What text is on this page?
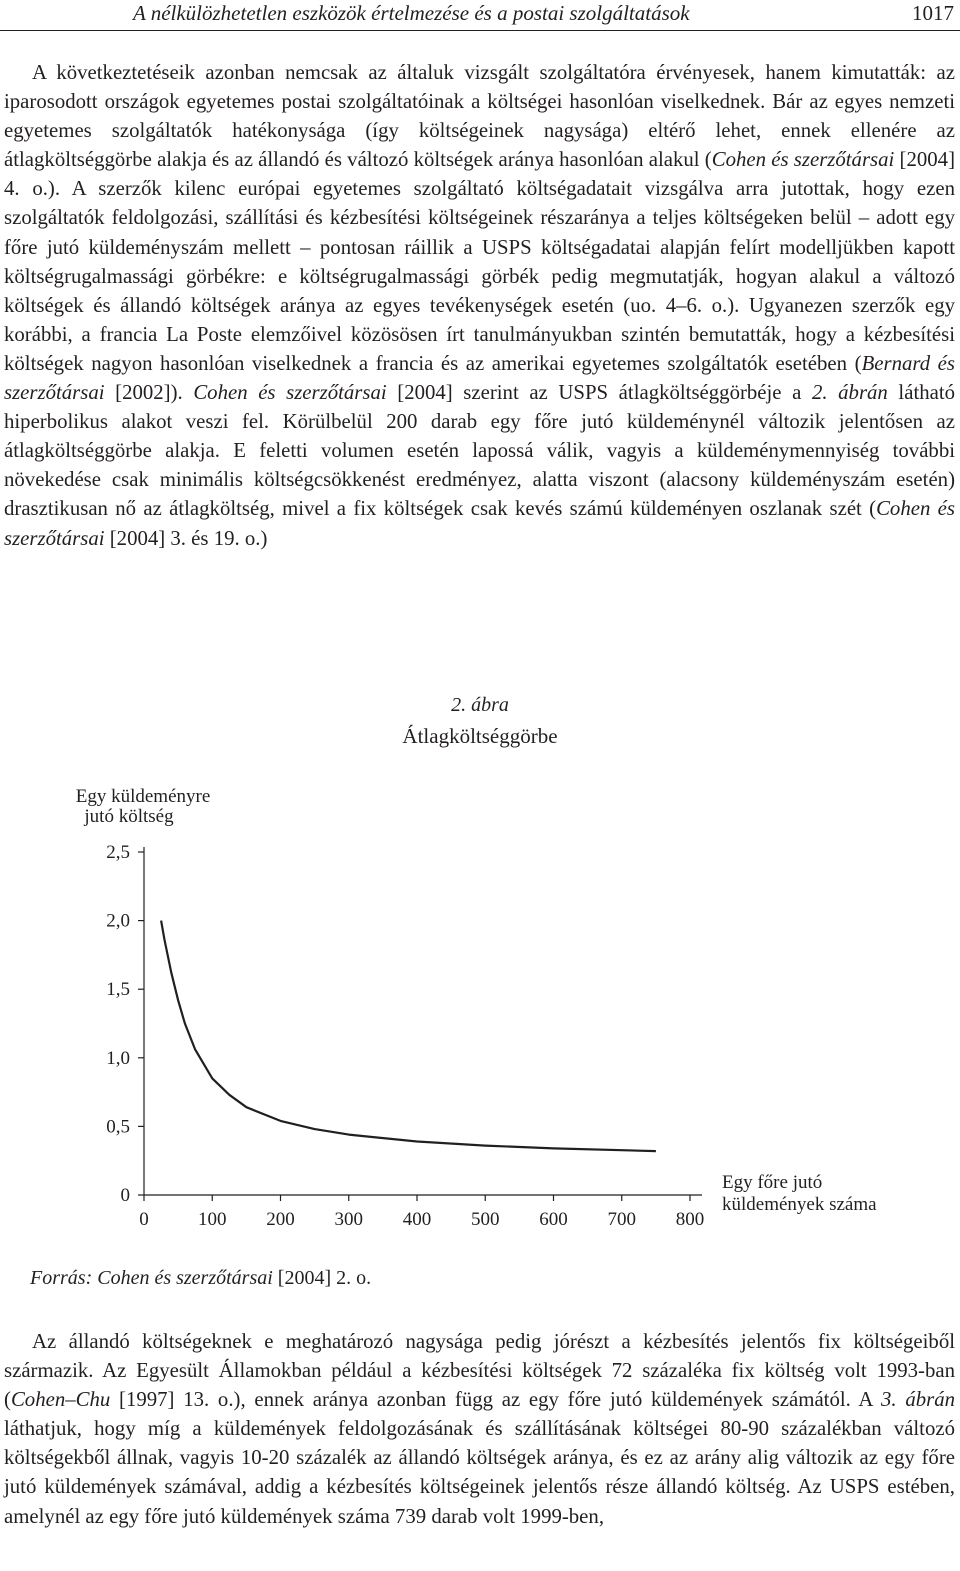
A nélkülözhetetlen eszközök értelmezése és a postai szolgáltatások	1017

A következtetéseik azonban nemcsak az általuk vizsgált szolgáltatóra érvényesek, hanem kimutatták: az iparosodott országok egyetemes postai szolgáltatóinak a költségei hasonlóan viselkednek. Bár az egyes nemzeti egyetemes szolgáltatók hatékonysága (így költségeinek nagysága) eltérő lehet, ennek ellenére az átlagköltséggörbe alakja és az állandó és változó költségek aránya hasonlóan alakul (Cohen és szerzőtársai [2004] 4. o.). A szerzők kilenc európai egyetemes szolgáltató költségadatait vizsgálva arra jutottak, hogy ezen szolgáltatók feldolgozási, szállítási és kézbesítési költségeinek részaránya a teljes költségeken belül – adott egy főre jutó küldeményszám mellett – pontosan ráillik a USPS költségadatai alapján felírt modelljükben kapott költségrugalmassági görbékre: e költségrugalmassági görbék pedig megmutatják, hogyan alakul a változó költségek és állandó költségek aránya az egyes tevékenységek esetén (uo. 4–6. o.). Ugyanezen szerzők egy korábbi, a francia La Poste elemzőivel közösösen írt tanulmányukban szintén bemutatták, hogy a kézbesítési költségek nagyon hasonlóan viselkednek a francia és az amerikai egyetemes szolgáltatók esetében (Bernard és szerzőtársai [2002]). Cohen és szerzőtársai [2004] szerint az USPS átlagköltséggörbéje a 2. ábrán látható hiperbolikus alakot veszi fel. Körülbelül 200 darab egy főre jutó küldeménynél változik jelentősen az átlagköltséggörbe alakja. E feletti volumen esetén lapossá válik, vagyis a küldeménymennyiség további növekedése csak minimális költségcsökkenést eredményez, alatta viszont (alacsony küldeményszám esetén) drasztikusan nő az átlagköltség, mivel a fix költségek csak kevés számú küldeményen oszlanak szét (Cohen és szerzőtársai [2004] 3. és 19. o.)

2. ábra
Átlagköltséggörbe
Egy küldeményre
jutó költség
Egy főre jutó
küldemények száma
0
0,5
1,0
1,5
2,0
2,5
0	100 200 300 400 500 600 700 800
Forrás: Cohen és szerzőtársai [2004] 2. o.

Az állandó költségeknek e meghatározó nagysága pedig jórészt a kézbesítés jelentős fix költségeiből származik. Az Egyesült Államokban például a kézbesítési költségek 72 százaléka fix költség volt 1993-ban (Cohen–Chu [1997] 13. o.), ennek aránya azonban függ az egy főre jutó küldemények számától. A 3. ábrán láthatjuk, hogy míg a küldemények feldolgozásának és szállításának költségei 80-90 százalékban változó költségekből állnak, vagyis 10-20 százalék az állandó költségek aránya, és ez az arány alig változik az egy főre jutó küldemények számával, addig a kézbesítés költségeinek jelentős része állandó költség. Az USPS estében, amelynél az egy főre jutó küldemények száma 739 darab volt 1999-ben,
